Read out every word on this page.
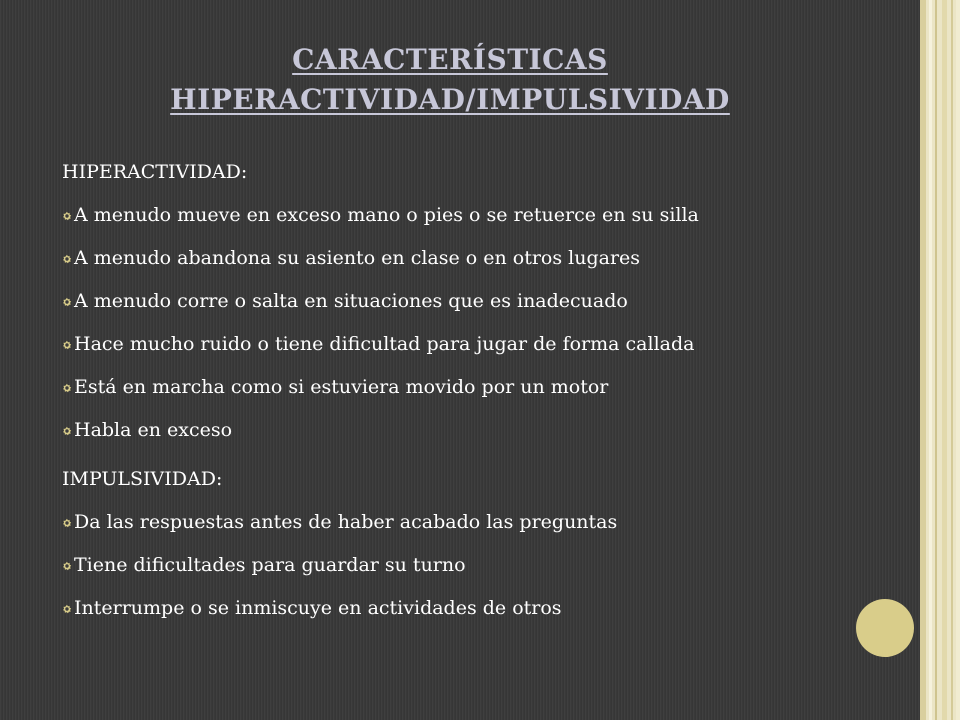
CARACTERÍSTICAS
HIPERACTIVIDAD/IMPULSIVIDAD
HIPERACTIVIDAD:
A menudo mueve en exceso mano o pies o se retuerce en su silla
A menudo abandona su asiento en clase o en otros lugares
A menudo corre o salta en situaciones que es inadecuado
Hace mucho ruido o tiene dificultad para jugar de forma callada
Está en marcha como si estuviera movido por un motor
Habla en exceso
IMPULSIVIDAD:
Da las respuestas antes de haber acabado las preguntas
Tiene dificultades para guardar su turno
Interrumpe o se inmiscuye en actividades de otros
